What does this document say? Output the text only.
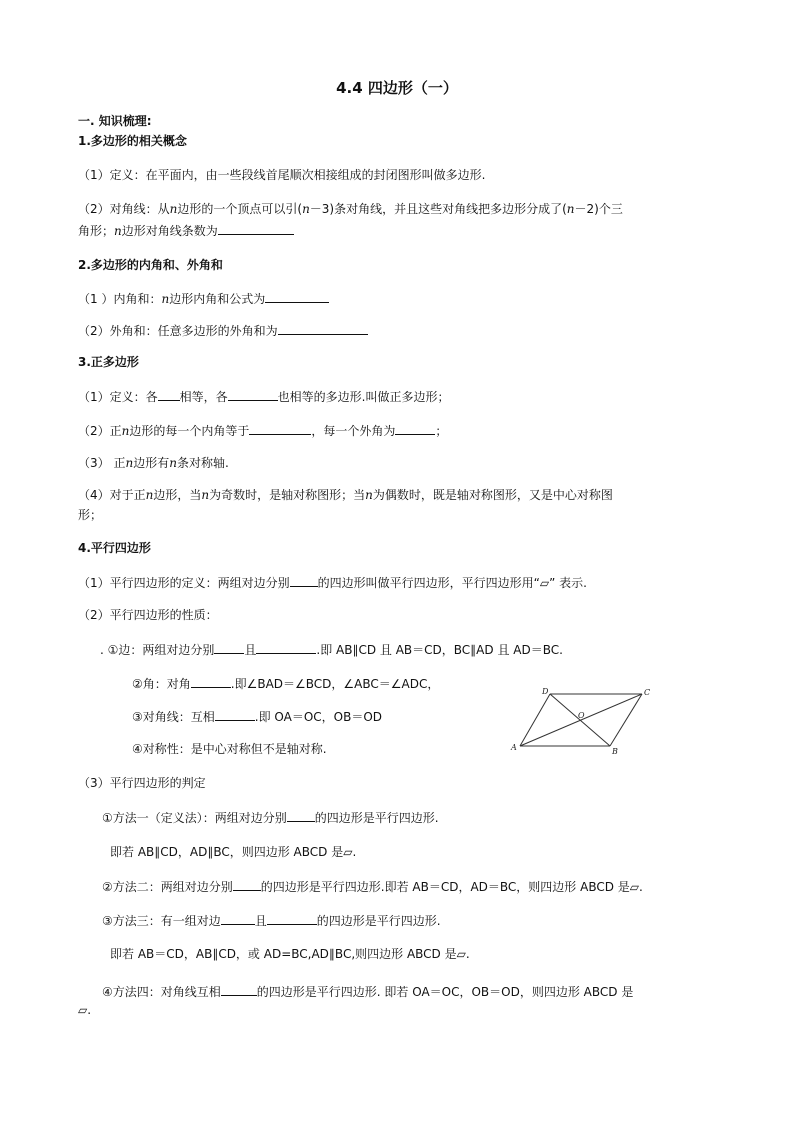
4.4 四边形（一）
一. 知识梳理:
1.多边形的相关概念
（1）定义：在平面内，由一些段线首尾顺次相接组成的封闭图形叫做多边形.
（2）对角线：从n边形的一个顶点可以引(n－3)条对角线，并且这些对角线把多边形分成了(n－2)个三
角形；n边形对角线条数为
2.多边形的内角和、外角和
（1 ）内角和：n边形内角和公式为
（2）外角和：任意多边形的外角和为
3.正多边形
（1）定义：各 相等，各	也相等的多边形.叫做正多边形；
（2）正n边形的每一个内角等于	，每一个外角为	；
（3） 正n边形有n条对称轴.
（4）对于正n边形，当n为奇数时，是轴对称图形；当n为偶数时，既是轴对称图形，又是中心对称图
形；
4.平行四边形
（1）平行四边形的定义：两组对边分别 的四边形叫做平行四边形，平行四边形用“▱” 表示.
（2）平行四边形的性质：
. ①边：两组对边分别	且	.即 AB∥CD 且 AB＝CD，BC∥AD 且 AD＝BC.
②角：对角	.即∠BAD＝∠BCD，∠ABC＝∠ADC，
③对角线：互相	.即 OA＝OC，OB＝OD
④对称性：是中心对称但不是轴对称.
（3）平行四边形的判定
①方法一（定义法）：两组对边分别 的四边形是平行四边形.
即若 AB∥CD，AD∥BC，则四边形 ABCD 是▱.
②方法二：两组对边分别 的四边形是平行四边形.即若 AB＝CD，AD＝BC，则四边形 ABCD 是▱.
③方法三：有一组对边	且	的四边形是平行四边形.
即若 AB＝CD，AB∥CD，或 AD=BC,AD∥BC,则四边形 ABCD 是▱.
④方法四：对角线互相	的四边形是平行四边形. 即若 OA＝OC，OB＝OD，则四边形 ABCD 是
▱.
A	B
C
D
O
